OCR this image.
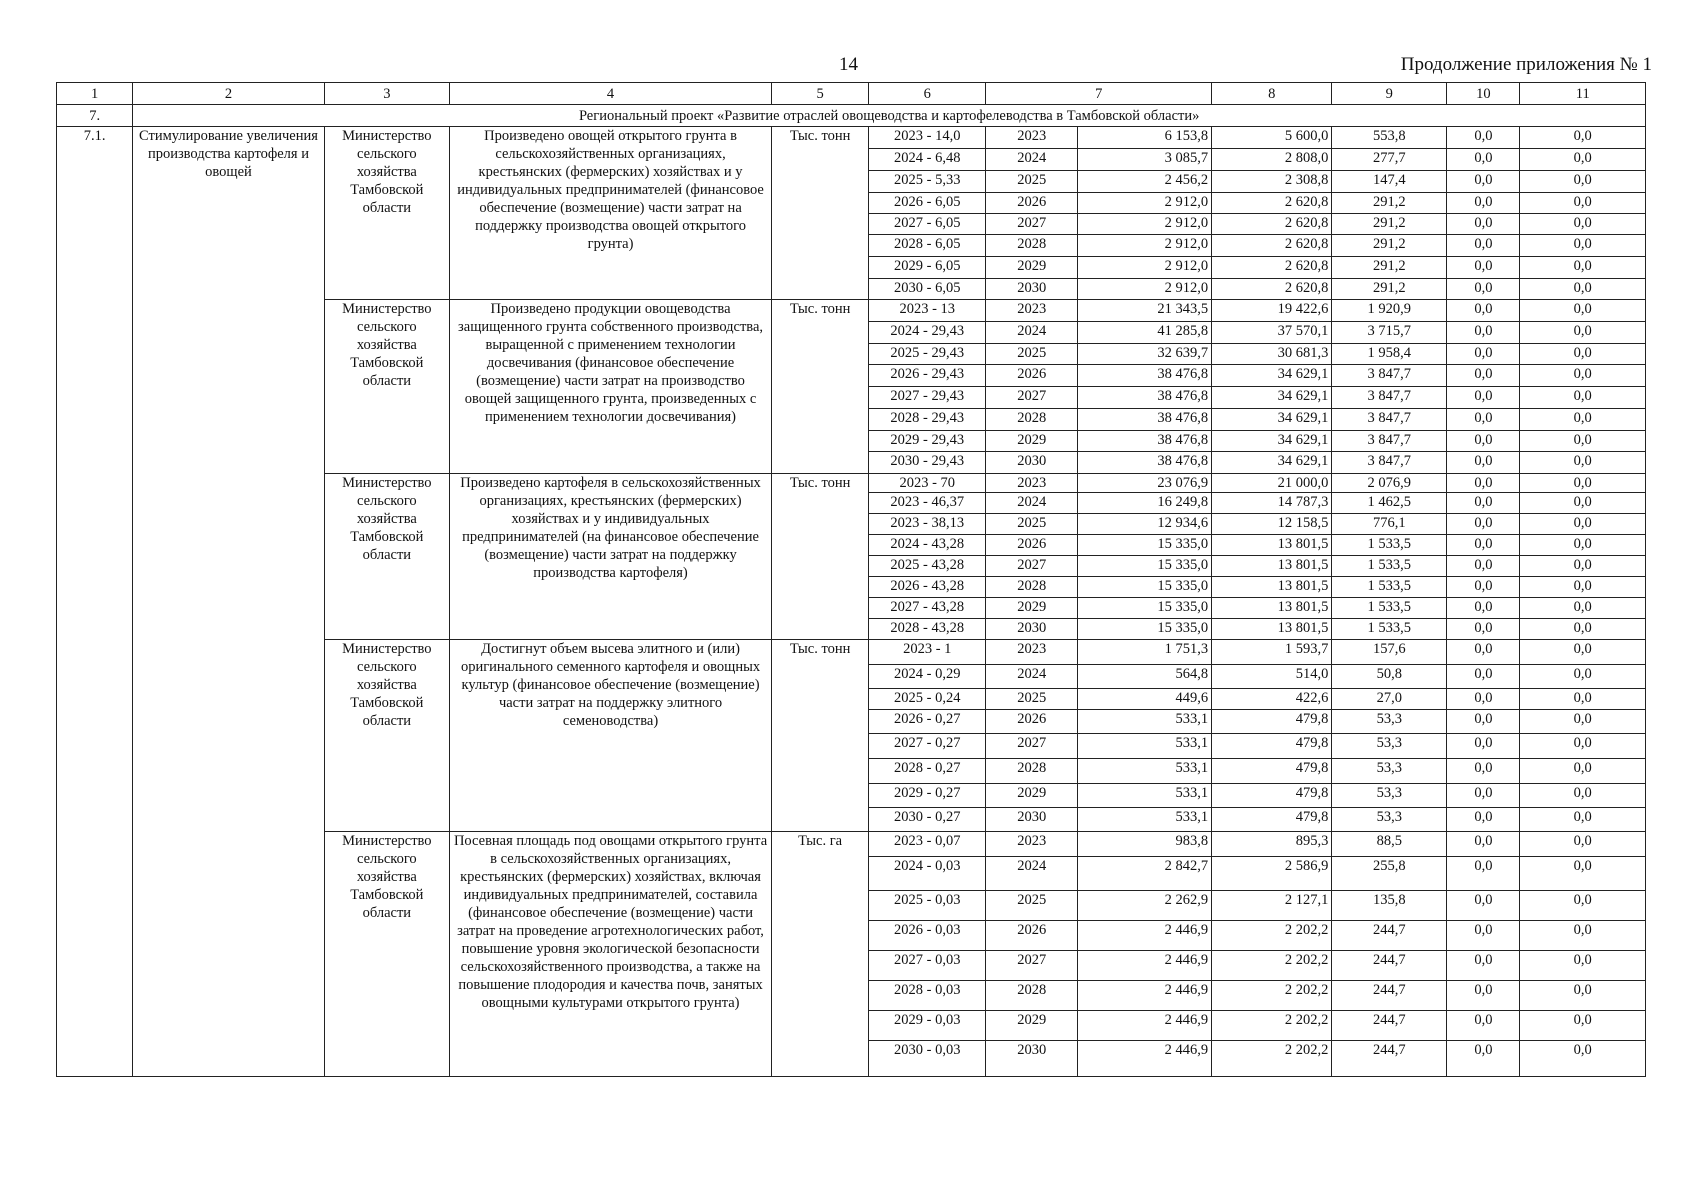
14	Продолжение приложения № 1
1	2	3	4	5	6	7		8	9	10	11
7.	Региональный проект «Развитие отраслей овощеводства и картофелеводства в Тамбовской области»										
7.1.	Стимулирование увеличения производства картофеля и овощей	Министерство сельского хозяйства Тамбовской области	Произведено овощей открытого грунта в сельскохозяйственных организациях, крестьянских (фермерских) хозяйствах и у индивидуальных предпринимателей (финансовое обеспечение (возмещение) части затрат на поддержку производства овощей открытого грунта)	Тыс. тонн	2023 - 14,0	2023	6 153,8	5 600,0	553,8	0,0	0,0
					2024 - 6,48	2024	3 085,7	2 808,0	277,7	0,0	0,0
					2025 - 5,33	2025	2 456,2	2 308,8	147,4	0,0	0,0
					2026 - 6,05	2026	2 912,0	2 620,8	291,2	0,0	0,0
					2027 - 6,05	2027	2 912,0	2 620,8	291,2	0,0	0,0
					2028 - 6,05	2028	2 912,0	2 620,8	291,2	0,0	0,0
					2029 - 6,05	2029	2 912,0	2 620,8	291,2	0,0	0,0
					2030 - 6,05	2030	2 912,0	2 620,8	291,2	0,0	0,0
		Министерство сельского хозяйства Тамбовской области	Произведено продукции овощеводства защищенного грунта собственного производства, выращенной с применением технологии досвечивания (финансовое обеспечение (возмещение) части затрат на производство овощей защищенного грунта, произведенных с применением технологии досвечивания)	Тыс. тонн	2023 - 13	2023	21 343,5	19 422,6	1 920,9	0,0	0,0
					2024 - 29,43	2024	41 285,8	37 570,1	3 715,7	0,0	0,0
					2025 - 29,43	2025	32 639,7	30 681,3	1 958,4	0,0	0,0
					2026 - 29,43	2026	38 476,8	34 629,1	3 847,7	0,0	0,0
					2027 - 29,43	2027	38 476,8	34 629,1	3 847,7	0,0	0,0
					2028 - 29,43	2028	38 476,8	34 629,1	3 847,7	0,0	0,0
					2029 - 29,43	2029	38 476,8	34 629,1	3 847,7	0,0	0,0
					2030 - 29,43	2030	38 476,8	34 629,1	3 847,7	0,0	0,0
		Министерство сельского хозяйства Тамбовской области	Произведено картофеля в сельскохозяйственных организациях, крестьянских (фермерских) хозяйствах и у индивидуальных предпринимателей (на финансовое обеспечение (возмещение) части затрат на поддержку производства картофеля)	Тыс. тонн	2023 - 70	2023	23 076,9	21 000,0	2 076,9	0,0	0,0
					2023 - 46,37	2024	16 249,8	14 787,3	1 462,5	0,0	0,0
					2023 - 38,13	2025	12 934,6	12 158,5	776,1	0,0	0,0
					2024 - 43,28	2026	15 335,0	13 801,5	1 533,5	0,0	0,0
					2025 - 43,28	2027	15 335,0	13 801,5	1 533,5	0,0	0,0
					2026 - 43,28	2028	15 335,0	13 801,5	1 533,5	0,0	0,0
					2027 - 43,28	2029	15 335,0	13 801,5	1 533,5	0,0	0,0
					2028 - 43,28	2030	15 335,0	13 801,5	1 533,5	0,0	0,0
		Министерство сельского хозяйства Тамбовской области	Достигнут объем высева элитного и (или) оригинального семенного картофеля и овощных культур (финансовое обеспечение (возмещение) части затрат на поддержку элитного семеноводства)	Тыс. тонн	2023 - 1	2023	1 751,3	1 593,7	157,6	0,0	0,0
					2024 - 0,29	2024	564,8	514,0	50,8	0,0	0,0
					2025 - 0,24	2025	449,6	422,6	27,0	0,0	0,0
					2026 - 0,27	2026	533,1	479,8	53,3	0,0	0,0
					2027 - 0,27	2027	533,1	479,8	53,3	0,0	0,0
					2028 - 0,27	2028	533,1	479,8	53,3	0,0	0,0
					2029 - 0,27	2029	533,1	479,8	53,3	0,0	0,0
					2030 - 0,27	2030	533,1	479,8	53,3	0,0	0,0
		Министерство сельского хозяйства Тамбовской области	Посевная площадь под овощами открытого грунта в сельскохозяйственных организациях, крестьянских (фермерских) хозяйствах, включая индивидуальных предпринимателей, составила (финансовое обеспечение (возмещение) части затрат на проведение агротехнологических работ, повышение уровня экологической безопасности сельскохозяйственного производства, а также на повышение плодородия и качества почв, занятых овощными культурами открытого грунта)	Тыс. га	2023 - 0,07	2023	983,8	895,3	88,5	0,0	0,0
					2024 - 0,03	2024	2 842,7	2 586,9	255,8	0,0	0,0
					2025 - 0,03	2025	2 262,9	2 127,1	135,8	0,0	0,0
					2026 - 0,03	2026	2 446,9	2 202,2	244,7	0,0	0,0
					2027 - 0,03	2027	2 446,9	2 202,2	244,7	0,0	0,0
					2028 - 0,03	2028	2 446,9	2 202,2	244,7	0,0	0,0
					2029 - 0,03	2029	2 446,9	2 202,2	244,7	0,0	0,0
					2030 - 0,03	2030	2 446,9	2 202,2	244,7	0,0	0,0
